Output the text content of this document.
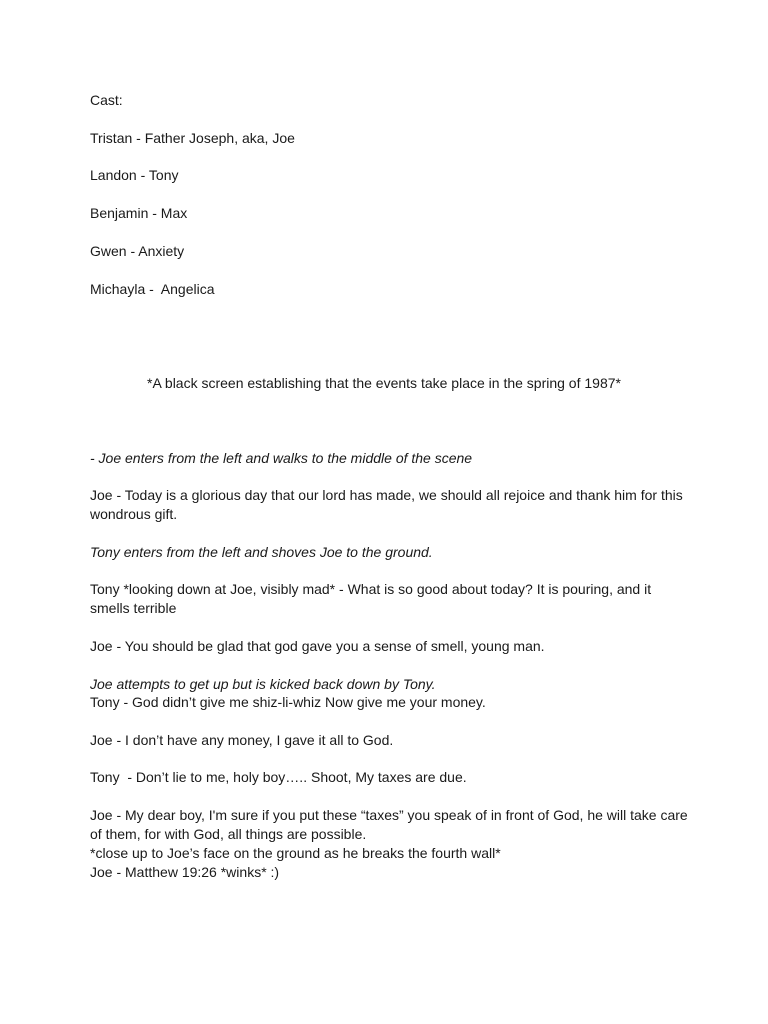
Cast:

Tristan - Father Joseph, aka, Joe

Landon - Tony

Benjamin - Max

Gwen - Anxiety

Michayla -  Angelica

*A black screen establishing that the events take place in the spring of 1987*

- Joe enters from the left and walks to the middle of the scene

Joe - Today is a glorious day that our lord has made, we should all rejoice and thank him for this wondrous gift.

Tony enters from the left and shoves Joe to the ground.

Tony *looking down at Joe, visibly mad* - What is so good about today? It is pouring, and it smells terrible

Joe - You should be glad that god gave you a sense of smell, young man.

Joe attempts to get up but is kicked back down by Tony.

Tony - God didn’t give me shiz-li-whiz Now give me your money.

Joe - I don’t have any money, I gave it all to God.

Tony  - Don’t lie to me, holy boy….. Shoot, My taxes are due.

Joe - My dear boy, I'm sure if you put these “taxes” you speak of in front of God, he will take care of them, for with God, all things are possible.

*close up to Joe’s face on the ground as he breaks the fourth wall*

Joe - Matthew 19:26 *winks* :)
